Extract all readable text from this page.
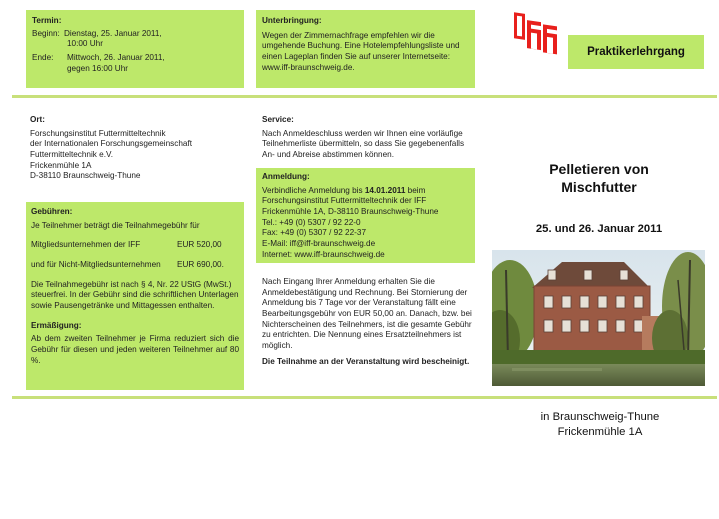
Termin:
Beginn: Dienstag, 25. Januar 2011,
10:00 Uhr
Ende:	Mittwoch, 26. Januar 2011,
gegen 16:00 Uhr
Unterbringung:
Wegen der Zimmernachfrage empfehlen wir die umgehende Buchung. Eine Hotelempfehlungsliste und einen Lageplan finden Sie auf unserer Internetseite: www.iff-braunschweig.de.
Praktikerlehrgang
Ort:
Forschungsinstitut Futtermitteltechnik
der Internationalen Forschungsgemeinschaft
Futtermitteltechnik e.V.
Frickenmühle 1A
D-38110 Braunschweig-Thune
Gebühren:
Je Teilnehmer beträgt die Teilnahmegebühr für
Mitgliedsunternehmen der IFF	EUR 520,00
und für Nicht-Mitgliedsunternehmen	EUR 690,00.
Die Teilnahmegebühr ist nach § 4, Nr. 22 UStG (MwSt.) steuerfrei. In der Gebühr sind die schriftlichen Unterlagen sowie Pausengetränke und Mittagessen enthalten.
Ermäßigung:
Ab dem zweiten Teilnehmer je Firma reduziert sich die Gebühr für diesen und jeden weiteren Teilnehmer auf 80 %.
Service:
Nach Anmeldeschluss werden wir Ihnen eine vorläufige Teilnehmerliste übermitteln, so dass Sie gegebenenfalls An- und Abreise abstimmen können.
Anmeldung:
Verbindliche Anmeldung bis 14.01.2011 beim
Forschungsinstitut Futtermitteltechnik der IFF
Frickenmühle 1A, D-38110 Braunschweig-Thune
Tel.: +49 (0) 5307 / 92 22-0
Fax: +49 (0) 5307 / 92 22-37
E-Mail: iff@iff-braunschweig.de
Internet: www.iff-braunschweig.de
Nach Eingang Ihrer Anmeldung erhalten Sie die Anmeldebestätigung und Rechnung. Bei Stornierung der Anmeldung bis 7 Tage vor der Veranstaltung fällt eine Bearbeitungsgebühr von EUR 50,00 an. Danach, bzw. bei Nichterscheinen des Teilnehmers, ist die gesamte Gebühr zu entrichten. Die Nennung eines Ersatzteilnehmers ist möglich.
Die Teilnahme an der Veranstaltung wird bescheinigt.
Pelletieren von
Mischfutter
25. und 26. Januar 2011
in Braunschweig-Thune
Frickenmühle 1A
